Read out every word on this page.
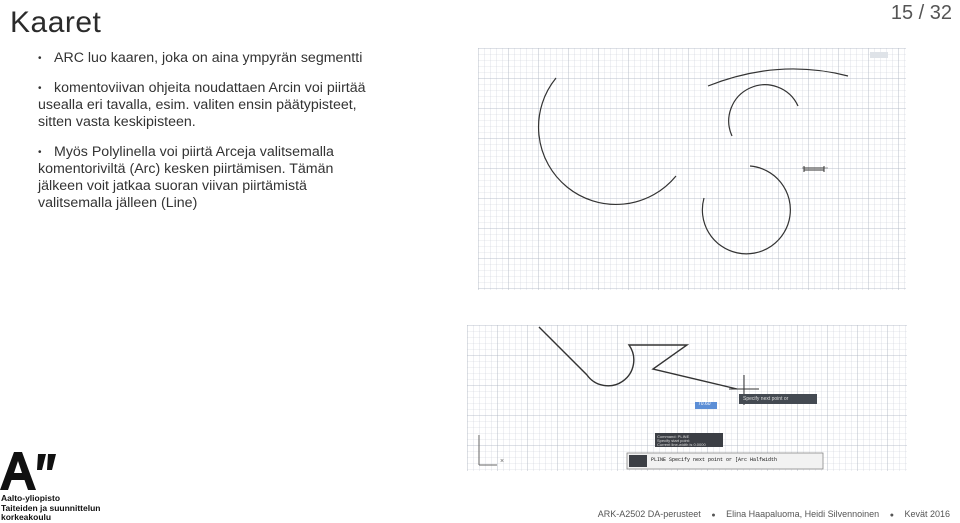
Kaaret	15 / 32
• ARC luo kaaren, joka on aina ympyrän segmentti
• komentoviivan ohjeita noudattaen Arcin voi piirtää usealla eri tavalla, esim. valiten ensin päätypisteet, sitten vasta keskipisteen.
• Myös Polylinella voi piirtä Arceja valitsemalla komentoriviltä (Arc) kesken piirtämisen. Tämän jälkeen voit jatkaa suoran viivan piirtämistä valitsemalla jälleen (Line)
×
70.60
Specify next point or
Command: PLINE
Specify start point:
Current line-width is 0.0000
PLINE Specify next point or [Arc Halfwidth
Aalto-yliopisto
Taiteiden ja suunnittelun
korkeakoulu	ARK-A2502 DA-perusteet ● Elina Haapaluoma, Heidi Silvennoinen ● Kevät 2016
